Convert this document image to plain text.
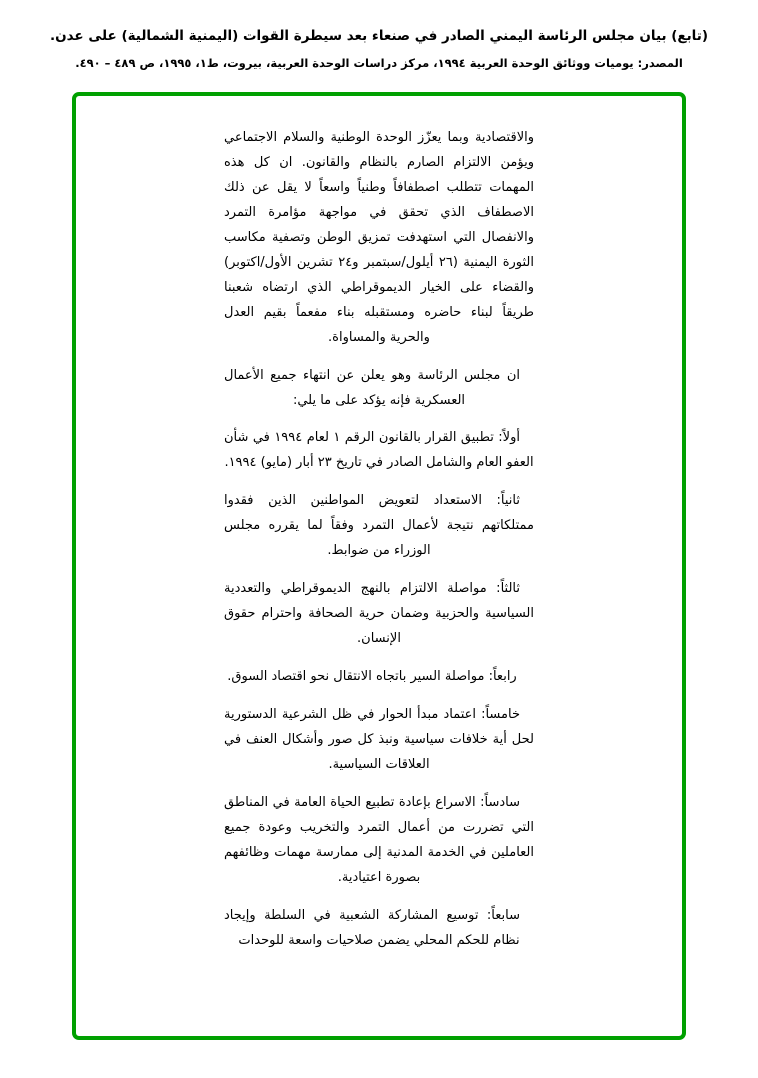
(تابع) بيان مجلس الرئاسة اليمني الصادر في صنعاء بعد سيطرة القوات (اليمنية الشمالية) على عدن.
المصدر: يوميات ووثائق الوحدة العربية ١٩٩٤، مركز دراسات الوحدة العربية، بيروت، ط١، ١٩٩٥، ص ٤٨٩ – ٤٩٠.

والاقتصادية وبما يعزّز الوحدة الوطنية والسلام الاجتماعي ويؤمن الالتزام الصارم بالنظام والقانون. ان كل هذه المهمات تتطلب اصطفافاً وطنياً واسعاً لا يقل عن ذلك الاصطفاف الذي تحقق في مواجهة مؤامرة التمرد والانفصال التي استهدفت تمزيق الوطن وتصفية مكاسب الثورة اليمنية (٢٦ أيلول/سبتمبر و٢٤ تشرين الأول/اكتوبر) والقضاء على الخيار الديموقراطي الذي ارتضاه شعبنا طريقاً لبناء حاضره ومستقبله بناء مفعماً بقيم العدل والحرية والمساواة.

ان مجلس الرئاسة وهو يعلن عن انتهاء جميع الأعمال العسكرية فإنه يؤكد على ما يلي:

أولاً: تطبيق القرار بالقانون الرقم ١ لعام ١٩٩٤ في شأن العفو العام والشامل الصادر في تاريخ ٢٣ أبار (مايو) ١٩٩٤.

ثانياً: الاستعداد لتعويض المواطنين الذين فقدوا ممتلكاتهم نتيجة لأعمال التمرد وفقاً لما يقرره مجلس الوزراء من ضوابط.

ثالثاً: مواصلة الالتزام بالنهج الديموقراطي والتعددية السياسية والحزبية وضمان حرية الصحافة واحترام حقوق الإنسان.

رابعاً: مواصلة السير باتجاه الانتقال نحو اقتصاد السوق.

خامساً: اعتماد مبدأ الحوار في ظل الشرعية الدستورية لحل أية خلافات سياسية ونبذ كل صور وأشكال العنف في العلاقات السياسية.

سادساً: الاسراع بإعادة تطبيع الحياة العامة في المناطق التي تضررت من أعمال التمرد والتخريب وعودة جميع العاملين في الخدمة المدنية إلى ممارسة مهمات وظائفهم بصورة اعتيادية.

سابعاً: توسيع المشاركة الشعبية في السلطة وإيجاد نظام للحكم المحلي يضمن صلاحيات واسعة للوحدات
